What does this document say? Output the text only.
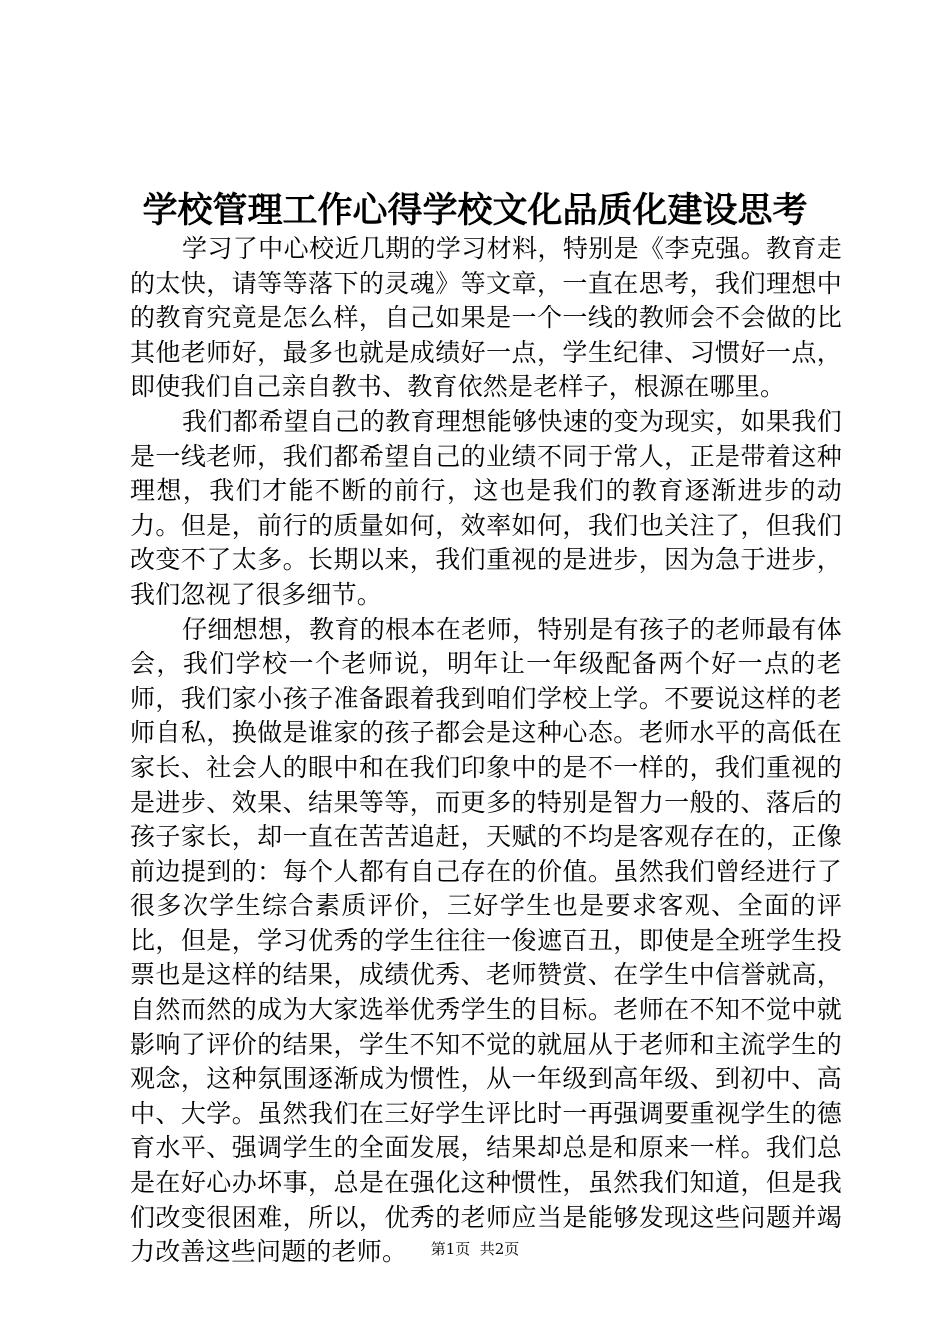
学校管理工作心得学校文化品质化建设思考

学习了中心校近几期的学习材料，特别是《李克强。教育走的太快，请等等落下的灵魂》等文章，一直在思考，我们理想中的教育究竟是怎么样，自己如果是一个一线的教师会不会做的比其他老师好，最多也就是成绩好一点，学生纪律、习惯好一点，即使我们自己亲自教书、教育依然是老样子，根源在哪里。

我们都希望自己的教育理想能够快速的变为现实，如果我们是一线老师，我们都希望自己的业绩不同于常人，正是带着这种理想，我们才能不断的前行，这也是我们的教育逐渐进步的动力。但是，前行的质量如何，效率如何，我们也关注了，但我们改变不了太多。长期以来，我们重视的是进步，因为急于进步，我们忽视了很多细节。

仔细想想，教育的根本在老师，特别是有孩子的老师最有体会，我们学校一个老师说，明年让一年级配备两个好一点的老师，我们家小孩子准备跟着我到咱们学校上学。不要说这样的老师自私，换做是谁家的孩子都会是这种心态。老师水平的高低在家长、社会人的眼中和在我们印象中的是不一样的，我们重视的是进步、效果、结果等等，而更多的特别是智力一般的、落后的孩子家长，却一直在苦苦追赶，天赋的不均是客观存在的，正像前边提到的：每个人都有自己存在的价值。虽然我们曾经进行了很多次学生综合素质评价，三好学生也是要求客观、全面的评比，但是，学习优秀的学生往往一俊遮百丑，即使是全班学生投票也是这样的结果，成绩优秀、老师赞赏、在学生中信誉就高，自然而然的成为大家选举优秀学生的目标。老师在不知不觉中就影响了评价的结果，学生不知不觉的就屈从于老师和主流学生的观念，这种氛围逐渐成为惯性，从一年级到高年级、到初中、高中、大学。虽然我们在三好学生评比时一再强调要重视学生的德育水平、强调学生的全面发展，结果却总是和原来一样。我们总是在好心办坏事，总是在强化这种惯性，虽然我们知道，但是我们改变很困难，所以，优秀的老师应当是能够发现这些问题并竭力改善这些问题的老师。	第1页  共2页
